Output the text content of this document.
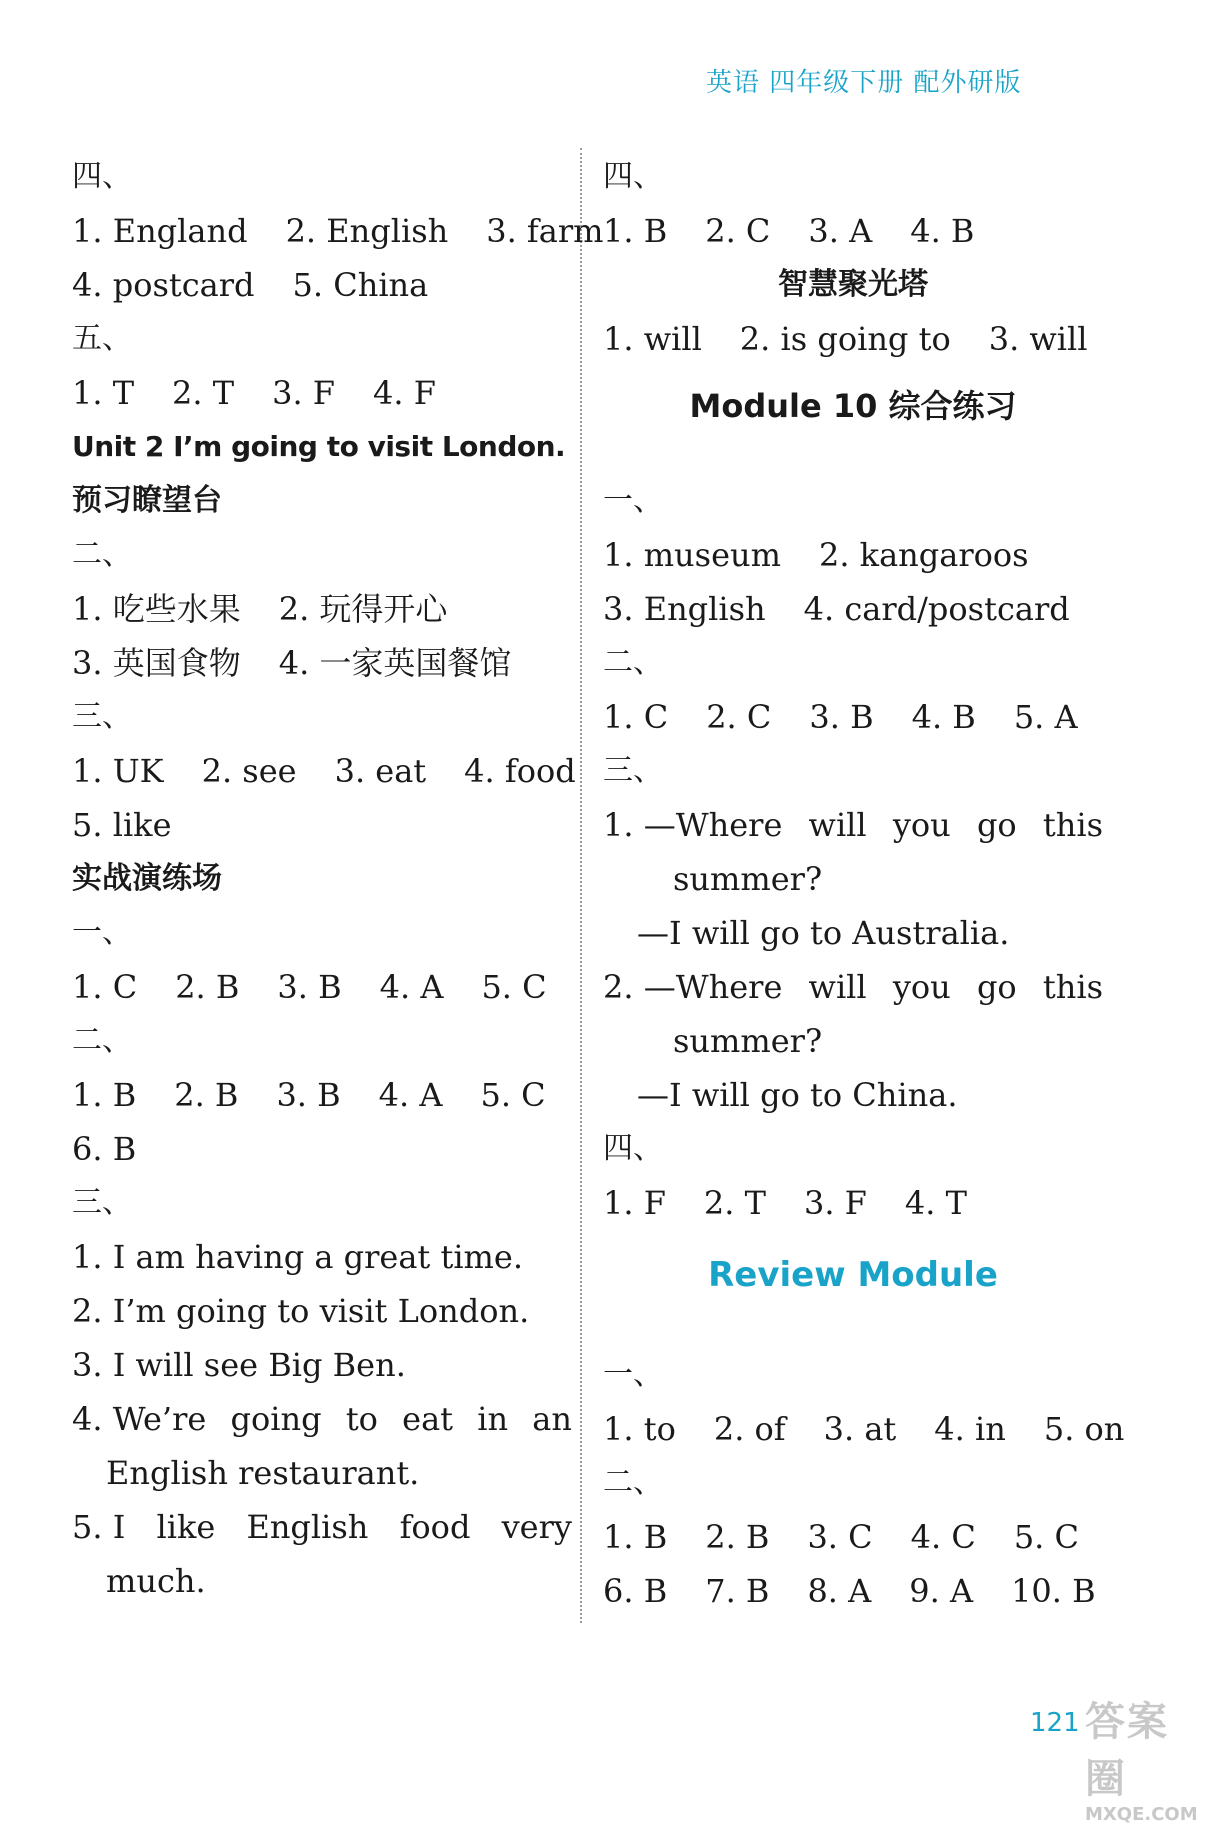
英语 四年级下册 配外研版
四、
1. England 2. English 3. farm
4. postcard 5. China
五、
1. T 2. T 3. F 4. F
Unit 2 I’m going to visit London.
预习瞭望台
二、
1. 吃些水果 2. 玩得开心
3. 英国食物 4. 一家英国餐馆
三、
1. UK 2. see 3. eat 4. food
5. like
实战演练场
一、
1. C 2. B 3. B 4. A 5. C
二、
1. B 2. B 3. B 4. A 5. C
6. B
三、
1. I am having a great time.
2. I’m going to visit London.
3. I will see Big Ben.
4. We’re going to eat in an
English restaurant.
5. I like English food very
much.
四、
1. B 2. C 3. A 4. B
智慧聚光塔
1. will 2. is going to 3. will
Module 10 综合练习
一、
1. museum 2. kangaroos
3. English 4. card/postcard
二、
1. C 2. C 3. B 4. B 5. A
三、
1. —Where will you go this
summer?
—I will go to Australia.
2. —Where will you go this
summer?
—I will go to China.
四、
1. F 2. T 3. F 4. T
Review Module
一、
1. to 2. of 3. at 4. in 5. on
二、
1. B 2. B 3. C 4. C 5. C
6. B 7. B 8. A 9. A 10. B
121 答案圈
MXQE.COM
